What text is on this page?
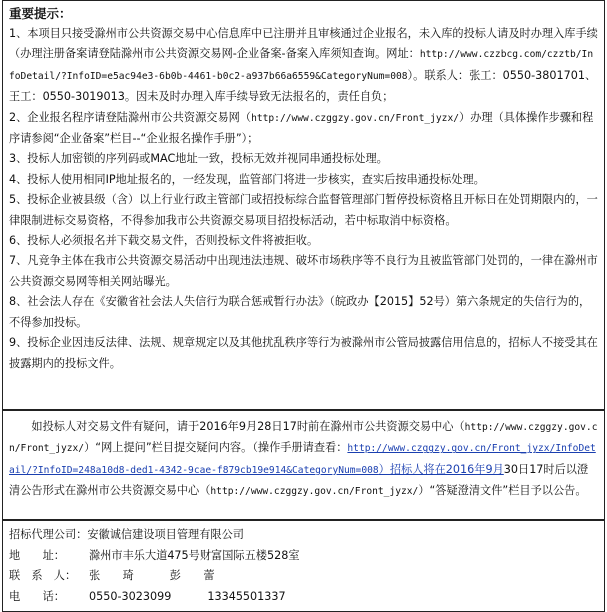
重要提示：

1、本项目只接受滁州市公共资源交易中心信息库中已注册并且审核通过企业报名，未入库的投标人请及时办理入库手续（办理注册备案请登陆滁州市公共资源交易网-企业备案-备案入库须知查询。网址：http://www.czzbcg.com/czztb/InfoDetail/?InfoID=e5ac94e3-6b0b-4461-b0c2-a937b66a6559&CategoryNum=008）。联系人：张工：0550-3801701、王工：0550-3019013。因未及时办理入库手续导致无法报名的，责任自负；

2、企业报名程序请登陆滁州市公共资源交易网（http://www.czggzy.gov.cn/Front_jyzx/）办理（具体操作步骤和程序请参阅“企业备案”栏目--“企业报名操作手册”）；

3、投标人加密锁的序列码或MAC地址一致，投标无效并视同串通投标处理。

4、投标人使用相同IP地址报名的，一经发现，监管部门将进一步核实，查实后按串通投标处理。

5、投标企业被县级（含）以上行业行政主管部门或招投标综合监督管理部门暂停投标资格且开标日在处罚期限内的，一律限制进标交易资格，不得参加我市公共资源交易项目招投标活动，若中标取消中标资格。

6、投标人必须报名并下载交易文件，否则投标文件将被拒收。

7、凡竞争主体在我市公共资源交易活动中出现违法违规、破坏市场秩序等不良行为且被监管部门处罚的，一律在滁州市公共资源交易网等相关网站曝光。

8、社会法人存在《安徽省社会法人失信行为联合惩戒暂行办法》（皖政办【2015】52号）第六条规定的失信行为的，不得参加投标。

9、投标企业因违反法律、法规、规章规定以及其他扰乱秩序等行为被滁州市公管局披露信用信息的，招标人不接受其在披露期内的投标文件。

如投标人对交易文件有疑问，请于2016年9月28日17时前在滁州市公共资源交易中心（http://www.czggzy.gov.cn/Front_jyzx/）“网上提问”栏目提交疑问内容。（操作手册请查看：http://www.czggzy.gov.cn/Front_jyzx/InfoDetail/?InfoID=248a10d8-ded1-4342-9cae-f879cb19e914&CategoryNum=008）招标人将在2016年9月30日17时后以澄清公告形式在滁州市公共资源交易中心（http://www.czggzy.gov.cn/Front_jyzx/）“答疑澄清文件”栏目予以公告。

招标代理公司：安徽诚信建设项目管理有限公司
地　　址： 滁州市丰乐大道475号财富国际五楼528室
联　系　人： 张　　琦	彭　　蕾
电　　话： 0550-3023099	13345501337
